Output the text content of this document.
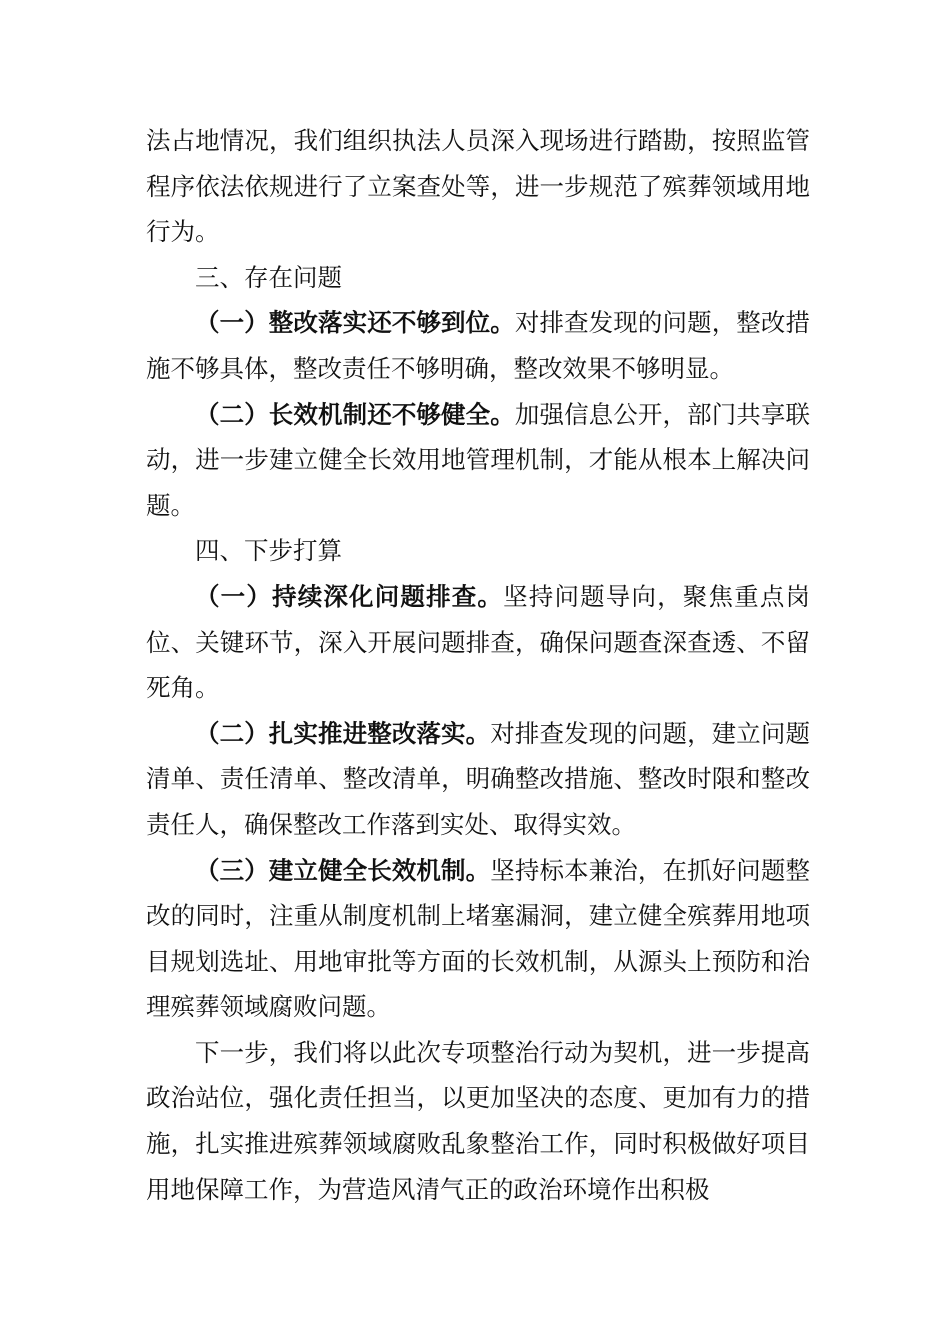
法占地情况，我们组织执法人员深入现场进行踏勘，按照监管程序依法依规进行了立案查处等，进一步规范了殡葬领域用地行为。

三、存在问题

（一）整改落实还不够到位。对排查发现的问题，整改措施不够具体，整改责任不够明确，整改效果不够明显。

（二）长效机制还不够健全。加强信息公开，部门共享联动，进一步建立健全长效用地管理机制，才能从根本上解决问题。

四、下步打算

（一）持续深化问题排查。坚持问题导向，聚焦重点岗位、关键环节，深入开展问题排查，确保问题查深查透、不留死角。

（二）扎实推进整改落实。对排查发现的问题，建立问题清单、责任清单、整改清单，明确整改措施、整改时限和整改责任人，确保整改工作落到实处、取得实效。

（三）建立健全长效机制。坚持标本兼治，在抓好问题整改的同时，注重从制度机制上堵塞漏洞，建立健全殡葬用地项目规划选址、用地审批等方面的长效机制，从源头上预防和治理殡葬领域腐败问题。

下一步，我们将以此次专项整治行动为契机，进一步提高政治站位，强化责任担当，以更加坚决的态度、更加有力的措施，扎实推进殡葬领域腐败乱象整治工作，同时积极做好项目用地保障工作，为营造风清气正的政治环境作出积极
